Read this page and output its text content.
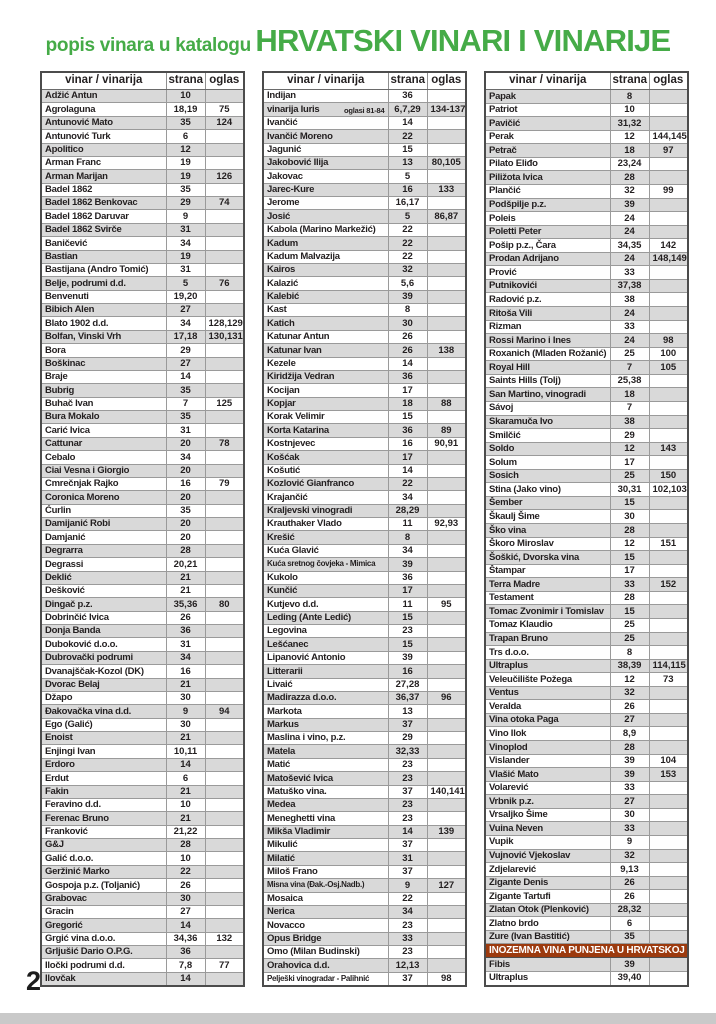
popis vinara u katalogu HRVATSKI VINARI I VINARIJE
vinar / vinarija	strana	oglas
Adžić Antun	10	
Agrolaguna	18,19	75
Antunović Mato	35	124
Antunović Turk	6	
Apolitico	12	
Arman Franc	19	
Arman Marijan	19	126
Badel 1862	35	
Badel 1862 Benkovac	29	74
Badel 1862 Daruvar	9	
Badel 1862 Svirče	31	
Baničević	34	
Bastian	19	
Bastijana (Andro Tomić)	31	
Belje, podrumi d.d.	5	76
Benvenuti	19,20	
Bibich Alen	27	
Blato 1902 d.d.	34	128,129
Bolfan, Vinski Vrh	17,18	130,131
Bora	29	
Boškinac	27	
Braje	14	
Bubrig	35	
Buhač Ivan	7	125
Bura Mokalo	35	
Carić Ivica	31	
Cattunar	20	78
Cebalo	34	
Ciai Vesna i Giorgio	20	
Cmrečnjak Rajko	16	79
Coronica Moreno	20	
Ćurlin	35	
Damijanić Robi	20	
Damjanić	20	
Degrarra	28	
Degrassi	20,21	
Deklić	21	
Dešković	21	
Dingač p.z.	35,36	80
Dobrinčić Ivica	26	
Donja Banda	36	
Duboković d.o.o.	31	
Dubrovački podrumi	34	
Dvanajščak-Kozol (DK)	16	
Dvorac Belaj	21	
Džapo	30	
Đakovačka vina d.d.	9	94
Ego (Galić)	30	
Enoist	21	
Enjingi Ivan	10,11	
Erdoro	14	
Erdut	6	
Fakin	21	
Feravino d.d.	10	
Ferenac Bruno	21	
Franković	21,22	
G&J	28	
Galić d.o.o.	10	
Geržinić Marko	22	
Gospoja p.z. (Toljanić)	26	
Grabovac	30	
Gracin	27	
Gregorić	14	
Grgić vina d.o.o.	34,36	132
Grljušić Dario O.P.G.	36	
Iločki podrumi d.d.	7,8	77
Ilovčak	14	
vinar / vinarija	strana	oglas
Indijan	36	
vinarija Iuris oglasi 81-84	6,7,29	134-137
Ivančić	14	
Ivančić Moreno	22	
Jagunić	15	
Jakobović Ilija	13	80,105
Jakovac	5	
Jarec-Kure	16	133
Jerome	16,17	
Josić	5	86,87
Kabola (Marino Markežić)	22	
Kadum	22	
Kadum Malvazija	22	
Kairos	32	
Kalazić	5,6	
Kalebić	39	
Kast	8	
Katich	30	
Katunar Antun	26	
Katunar Ivan	26	138
Kezele	14	
Kiridžija Vedran	36	
Kocijan	17	
Kopjar	18	88
Korak Velimir	15	
Korta Katarina	36	89
Kostnjevec	16	90,91
Košćak	17	
Košutić	14	
Kozlović Gianfranco	22	
Krajančić	34	
Kraljevski vinogradi	28,29	
Krauthaker Vlado	11	92,93
Krešić	8	
Kuća Glavić	34	
Kuća sretnog čovjeka - Mimica	39	
Kukolo	36	
Kunčić	17	
Kutjevo d.d.	11	95
Leding (Ante Ledić)	15	
Legovina	23	
Lešćanec	15	
Lipanović Antonio	39	
Litterarii	16	
Livaić	27,28	
Madirazza d.o.o.	36,37	96
Markota	13	
Markus	37	
Maslina i vino, p.z.	29	
Matela	32,33	
Matić	23	
Matošević Ivica	23	
Matuško vina.	37	140,141
Medea	23	
Meneghetti vina	23	
Mikša Vladimir	14	139
Mikulić	37	
Milatić	31	
Miloš Frano	37	
Misna vina (Đak.-Osj.Nadb.)	9	127
Mosaica	22	
Nerica	34	
Novacco	23	
Opus Bridge	33	
Omo (Milan Budinski)	23	
Orahovica d.d.	12,13	
Pelješki vinogradar - Palihnić	37	98
vinar / vinarija	strana	oglas
Papak	8	
Patriot	10	
Pavičić	31,32	
Perak	12	144,145
Petrač	18	97
Pilato Eliđo	23,24	
Piližota Ivica	28	
Plančić	32	99
Podšpilje p.z.	39	
Poleis	24	
Poletti Peter	24	
Pošip p.z., Čara	34,35	142
Prodan Adrijano	24	148,149
Prović	33	
Putnikovići	37,38	
Radović p.z.	38	
Ritoša Vili	24	
Rizman	33	
Rossi Marino i Ines	24	98
Roxanich (Mladen Rožanić)	25	100
Royal Hill	7	105
Saints Hills (Tolj)	25,38	
San Martino, vinogradi	18	
Sávoj	7	
Skaramuča Ivo	38	
Smilčić	29	
Soldo	12	143
Solum	17	
Sosich	25	150
Stina (Jako vino)	30,31	102,103
Šember	15	
Škaulj Šime	30	
Ško vina	28	
Škoro Miroslav	12	151
Šoškić, Dvorska vina	15	
Štampar	17	
Terra Madre	33	152
Testament	28	
Tomac Zvonimir i Tomislav	15	
Tomaz Klaudio	25	
Trapan Bruno	25	
Trs d.o.o.	8	
Ultraplus	38,39	114,115
Veleučilište Požega	12	73
Ventus	32	
Veralda	26	
Vina otoka Paga	27	
Vino Ilok	8,9	
Vinoplod	28	
Vislander	39	104
Vlašić Mato	39	153
Volarević	33	
Vrbnik p.z.	27	
Vrsaljko Šime	30	
Vuina Neven	33	
Vupik	9	
Vujnović Vjekoslav	32	
Zdjelarević	9,13	
Zigante Denis	26	
Zigante Tartufi	26	
Zlatan Otok (Plenković)	28,32	
Zlatno brdo	6	
Zure (Ivan Bastitić)	35	
INOZEMNA VINA PUNJENA U HRVATSKOJ		
Fibis	39	
Ultraplus	39,40	
2
